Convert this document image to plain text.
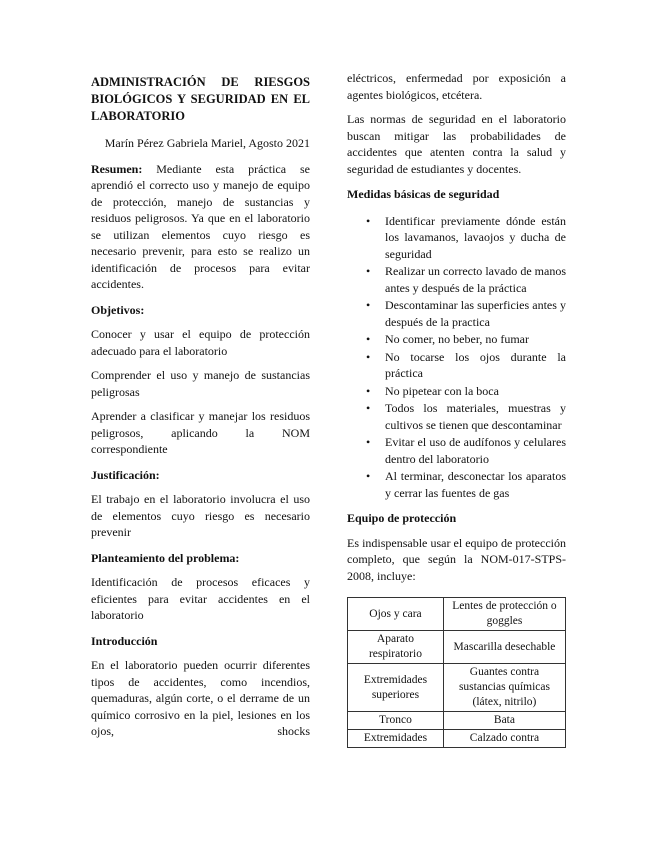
ADMINISTRACIÓN DE RIESGOS BIOLÓGICOS Y SEGURIDAD EN EL LABORATORIO

Marín Pérez Gabriela Mariel, Agosto 2021

Resumen: Mediante esta práctica se aprendió el correcto uso y manejo de equipo de protección, manejo de sustancias y residuos peligrosos. Ya que en el laboratorio se utilizan elementos cuyo riesgo es necesario prevenir, para esto se realizo un identificación de procesos para evitar accidentes.

Objetivos:

Conocer y usar el equipo de protección adecuado para el laboratorio

Comprender el uso y manejo de sustancias peligrosas

Aprender a clasificar y manejar los residuos peligrosos, aplicando la NOM correspondiente

Justificación:

El trabajo en el laboratorio involucra el uso de elementos cuyo riesgo es necesario prevenir

Planteamiento del problema:

Identificación de procesos eficaces y eficientes para evitar accidentes en el laboratorio

Introducción

En el laboratorio pueden ocurrir diferentes tipos de accidentes, como incendios, quemaduras, algún corte, o el derrame de un químico corrosivo en la piel, lesiones en los ojos, shocks

eléctricos, enfermedad por exposición a agentes biológicos, etcétera.

Las normas de seguridad en el laboratorio buscan mitigar las probabilidades de accidentes que atenten contra la salud y seguridad de estudiantes y docentes.

Medidas básicas de seguridad

• Identificar previamente dónde están los lavamanos, lavaojos y ducha de seguridad
• Realizar un correcto lavado de manos antes y después de la práctica
• Descontaminar las superficies antes y después de la practica
• No comer, no beber, no fumar
• No tocarse los ojos durante la práctica
• No pipetear con la boca
• Todos los materiales, muestras y cultivos se tienen que descontaminar
• Evitar el uso de audífonos y celulares dentro del laboratorio
• Al terminar, desconectar los aparatos y cerrar las fuentes de gas

Equipo de protección

Es indispensable usar el equipo de protección completo, que según la NOM-017-STPS-2008, incluye:

Ojos y cara	Lentes de protección o goggles
Aparato respiratorio	Mascarilla desechable
Extremidades superiores	Guantes contra sustancias químicas (látex, nitrilo)
Tronco	Bata
Extremidades	Calzado contra
